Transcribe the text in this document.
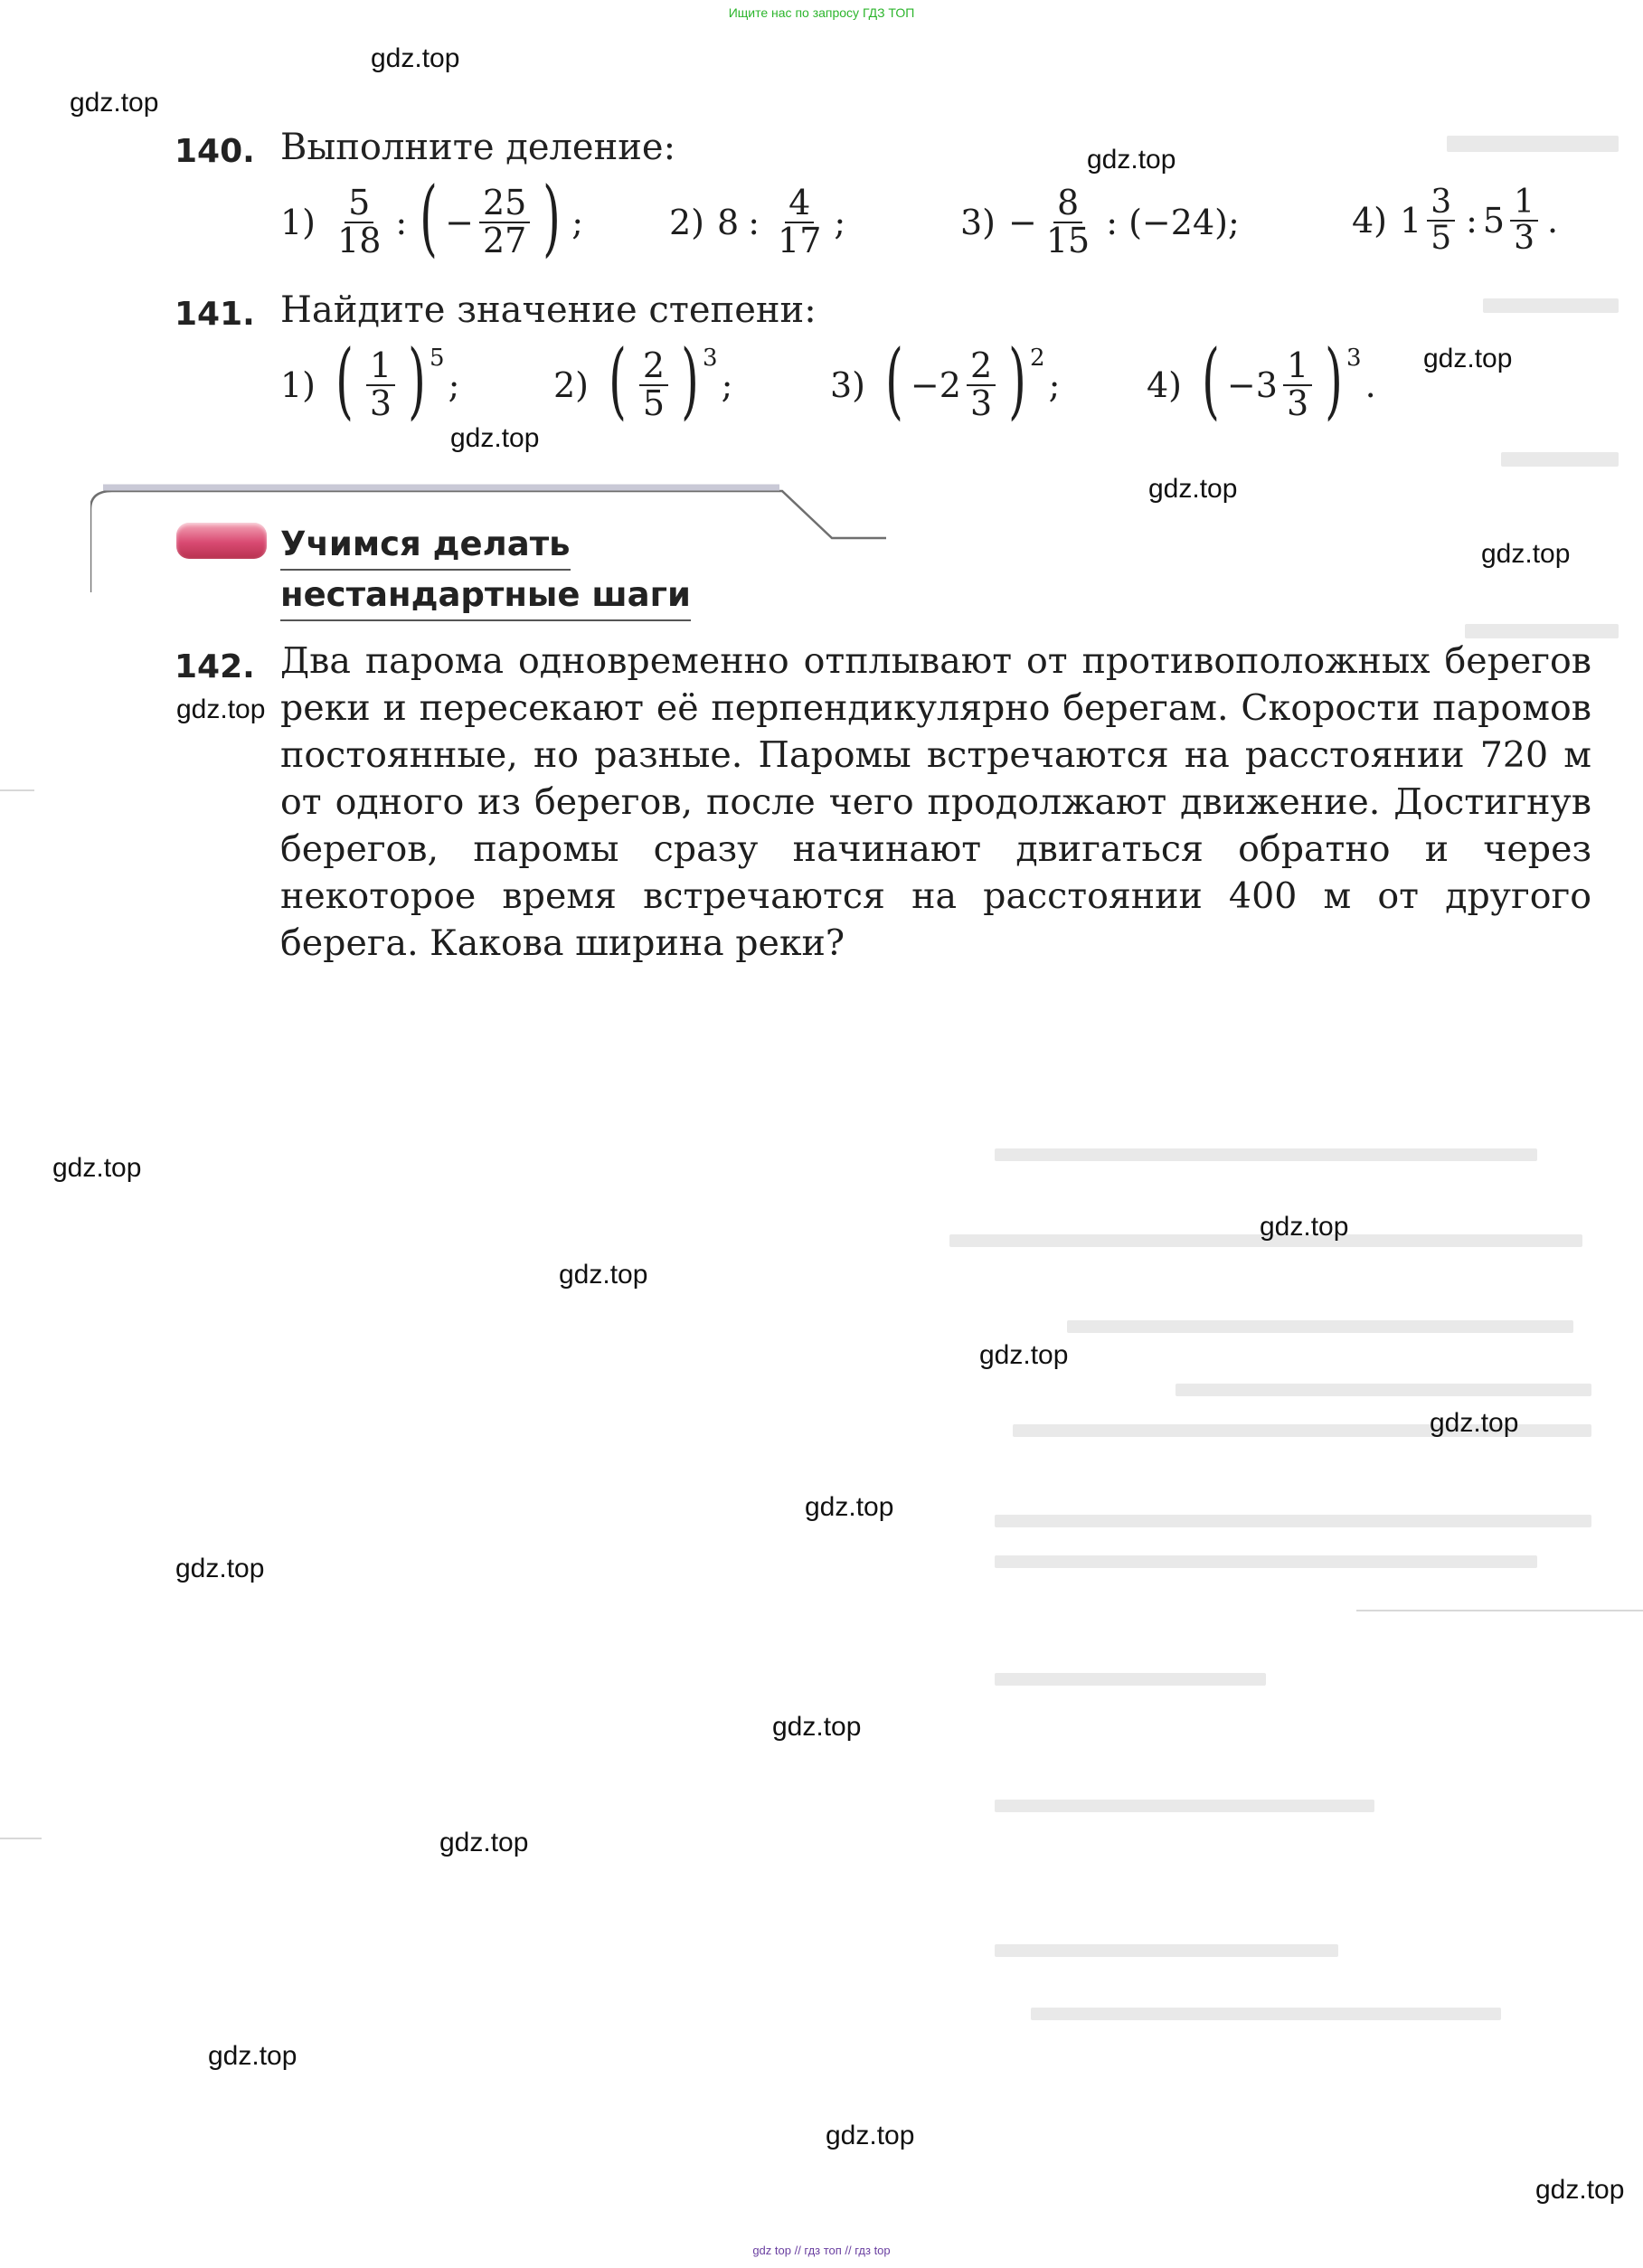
Ищите нас по запросу ГДЗ ТОП
gdz top // гдз топ // гдз top
140. Выполните деление:
$1) \frac{5}{18}$ : ( − $\frac{25}{27}$ ) ; 2) 8 : $\frac{4}{17}$ ;	$3) - \frac{8}{15}$ : (−24);	4) $1 \frac{3}{5}$ : $5 \frac{1}{3}$ .
141. Найдите значение степени:
1) ( $\frac{1}{3}$ ) 5
;	2) ( $\frac{2}{5}$ ) 3
;	3) ( $-2 \frac{2}{3}$ ) 2
;	4) ( $-3 \frac{1}{3}$ ) 3
.
Учимся делать
нестандартные шаги
142. Два парома одновременно отплывают от противоположных берегов реки и пересекают её перпендикулярно берегам. Скорости паромов постоянные, но разные. Паромы встречаются на расстоянии 720 м от одного из берегов, после чего продолжают движение. Достигнув берегов, паромы сразу начинают двигаться обратно и через некоторое время встречаются на расстоянии 400 м от другого берега. Какова ширина реки?
gdz.top
gdz.top
gdz.top
gdz.top
gdz.top
gdz.top
gdz.top
gdz.top
gdz.top
gdz.top
gdz.top
gdz.top
gdz.top
gdz.top
gdz.top
gdz.top
gdz.top
gdz.top
gdz.top
gdz.top
